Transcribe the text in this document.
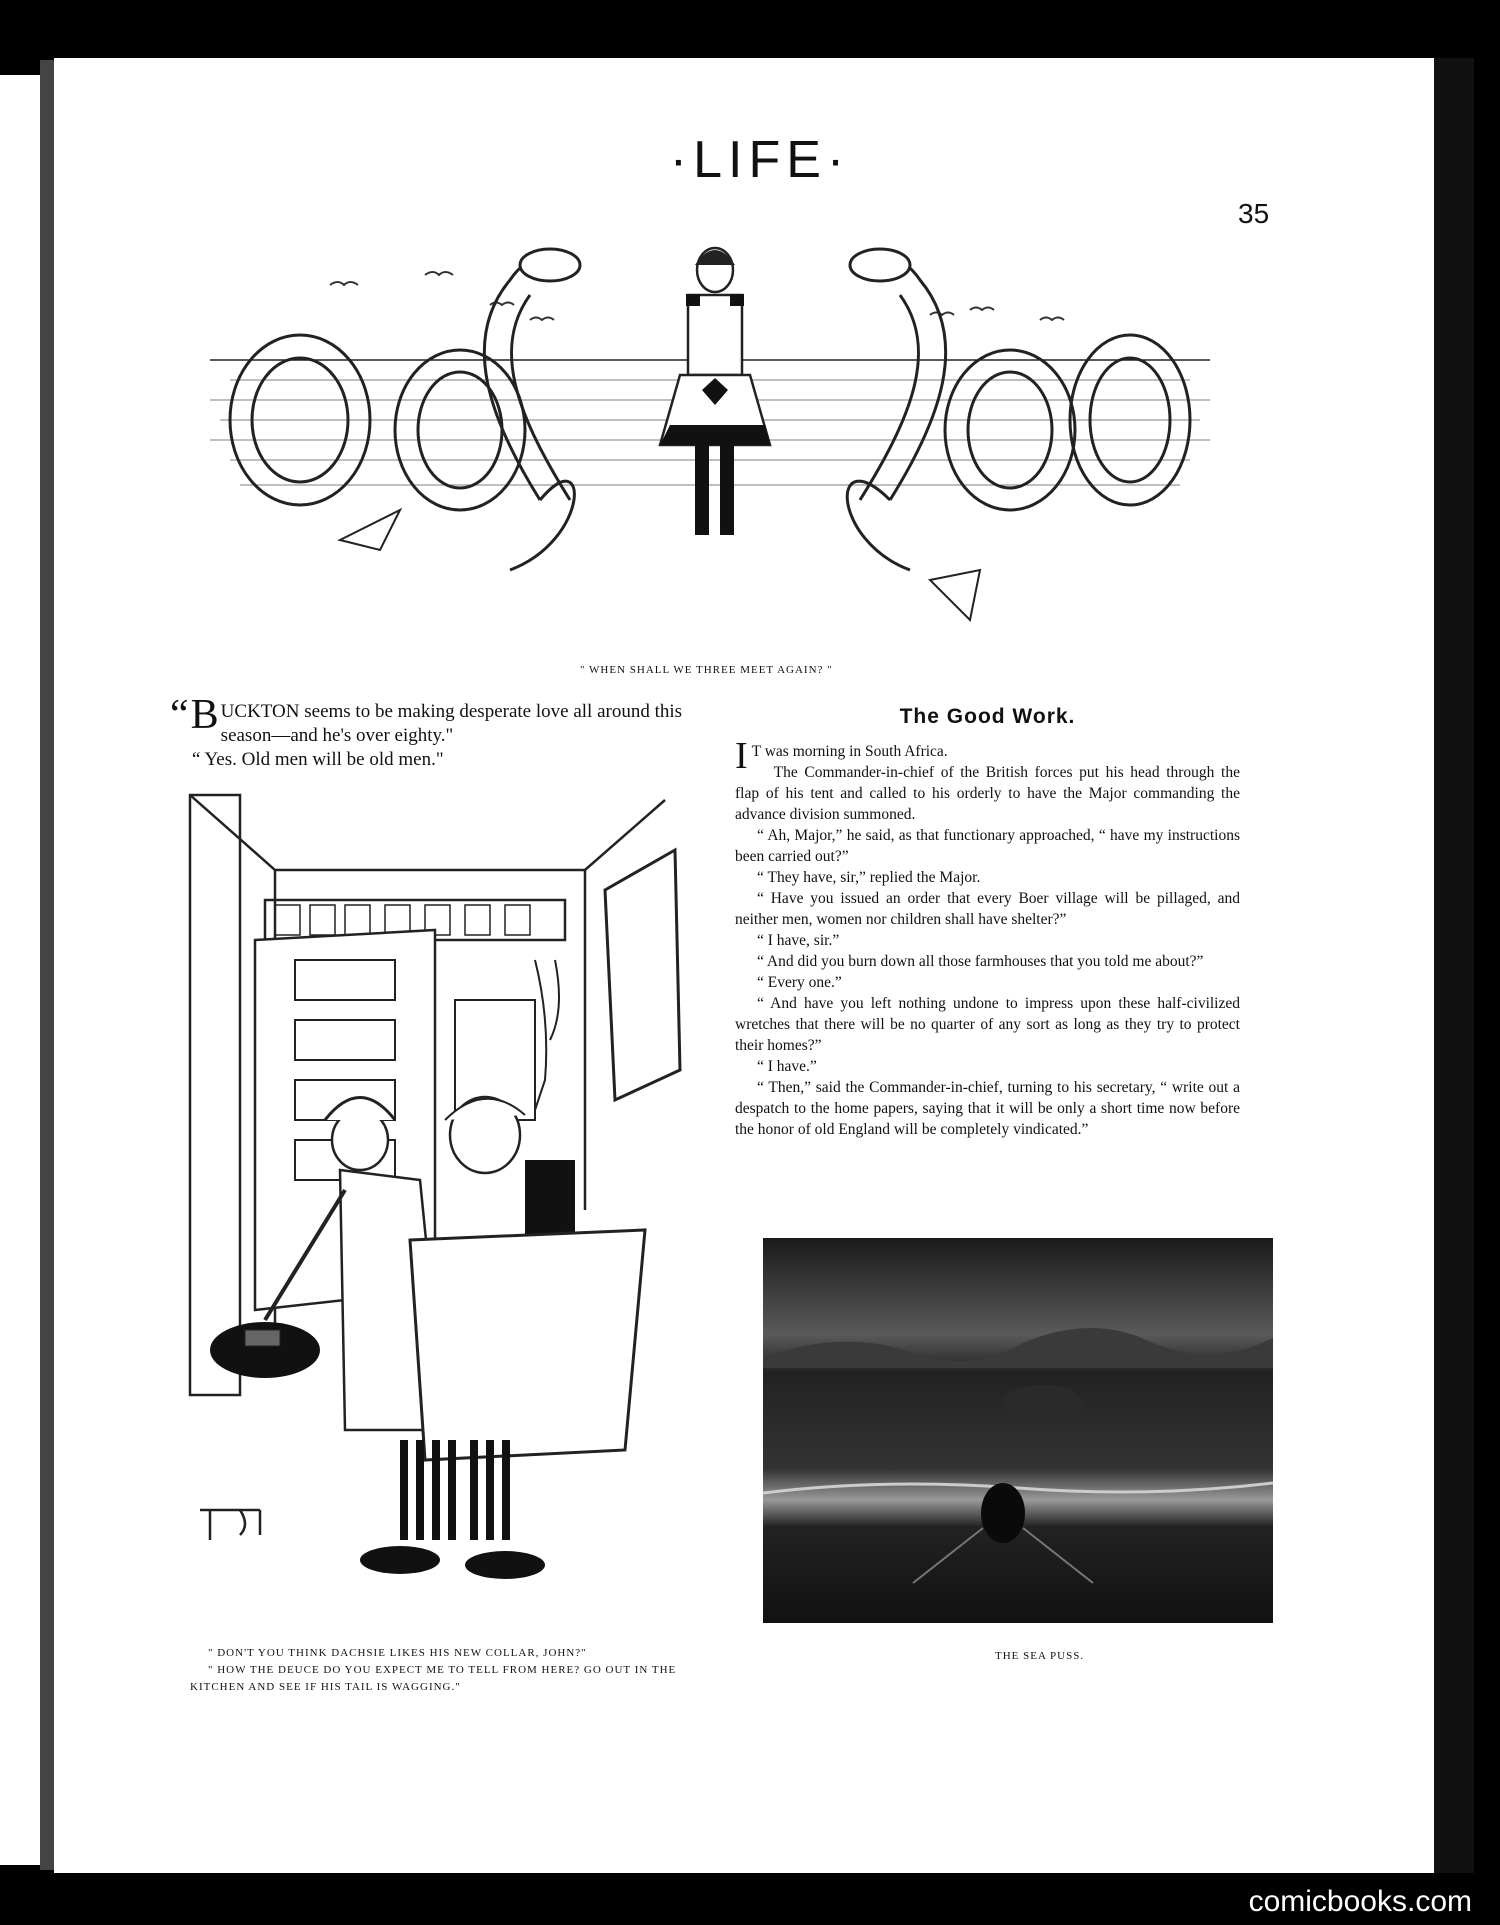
·LIFE·
35
" WHEN SHALL WE THREE MEET AGAIN? "

“ B UCKTON seems to be making desperate love all around this season—and he's over eighty."

“ Yes. Old men will be old men."

" DON'T YOU THINK DACHSIE LIKES HIS NEW COLLAR, JOHN?"

" HOW THE DEUCE DO YOU EXPECT ME TO TELL FROM HERE? GO OUT IN THE KITCHEN AND SEE IF HIS TAIL IS WAGGING."

The Good Work.

I T was morning in South Africa.

The Commander-in-chief of the British forces put his head through the flap of his tent and called to his orderly to have the Major commanding the advance division summoned.

“ Ah, Major,” he said, as that functionary approached, “ have my instructions been carried out?”

“ They have, sir,” replied the Major.

“ Have you issued an order that every Boer village will be pillaged, and neither men, women nor children shall have shelter?”

“ I have, sir.”

“ And did you burn down all those farmhouses that you told me about?”

“ Every one.”

“ And have you left nothing undone to impress upon these half-civilized wretches that there will be no quarter of any sort as long as they try to protect their homes?”

“ I have.”

“ Then,” said the Commander-in-chief, turning to his secretary, “ write out a despatch to the home papers, saying that it will be only a short time now before the honor of old England will be completely vindicated.”

THE SEA PUSS.
comicbooks.com
